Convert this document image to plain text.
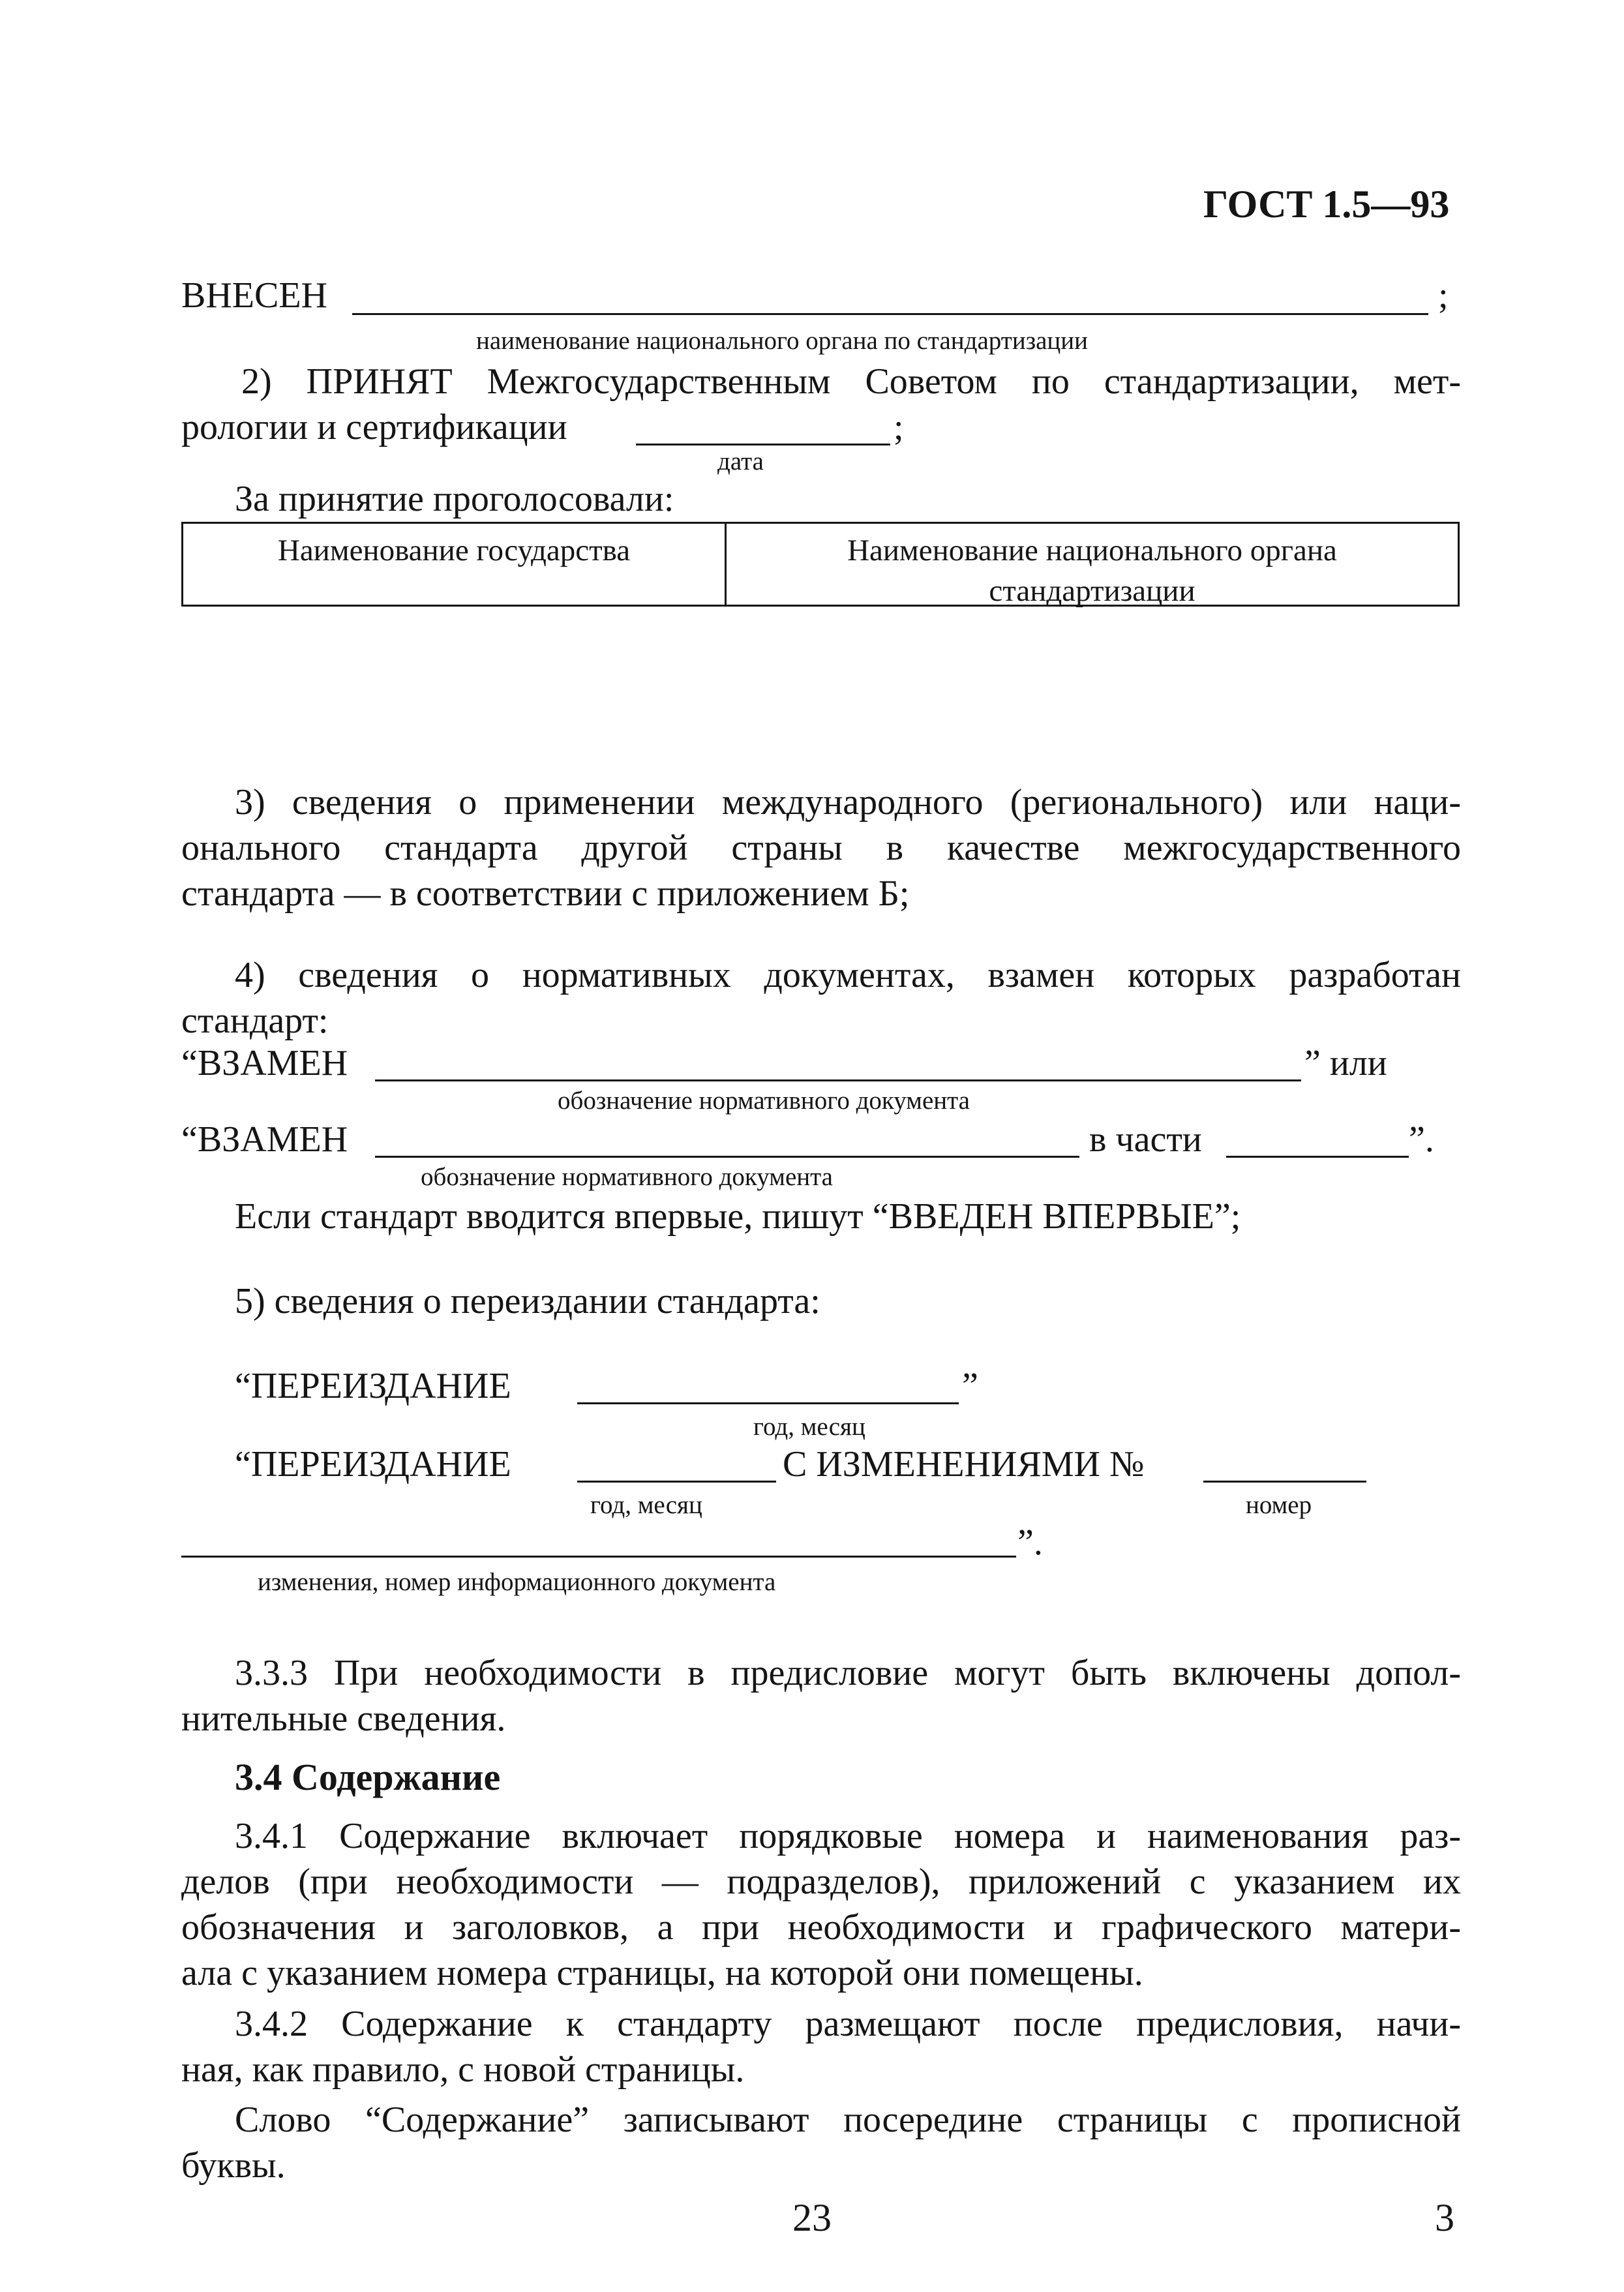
ГОСТ 1.5—93
ВНЕСЕН	;
наименование национального органа по стандартизации
2) ПРИНЯТ Межгосударственным Советом по стандартизации, мет-
рологии и сертификации	;
дата
За принятие проголосовали:
Наименование государства	Наименование национального органа
стандартизации
3) сведения о применении международного (регионального) или наци-
онального стандарта другой страны в качестве межгосударственного
стандарта — в соответствии с приложением Б;
4) сведения о нормативных документах, взамен которых разработан
стандарт:
“ВЗАМЕН	” или
обозначение нормативного документа
“ВЗАМЕН	в части	”.
обозначение нормативного документа
Если стандарт вводится впервые, пишут “ВВЕДЕН ВПЕРВЫЕ”;
5) сведения о переиздании стандарта:
“ПЕРЕИЗДАНИЕ	”
год, месяц
“ПЕРЕИЗДАНИЕ	С ИЗМЕНЕНИЯМИ №
год, месяц	номер
”.
изменения, номер информационного документа
3.3.3 При необходимости в предисловие могут быть включены допол-
нительные сведения.
3.4 Содержание
3.4.1 Содержание включает порядковые номера и наименования раз-
делов (при необходимости — подразделов), приложений с указанием их
обозначения и заголовков, а при необходимости и графического матери-
ала с указанием номера страницы, на которой они помещены.
3.4.2 Содержание к стандарту размещают после предисловия, начи-
ная, как правило, с новой страницы.
Слово “Содержание” записывают посередине страницы с прописной
буквы.
23	3
